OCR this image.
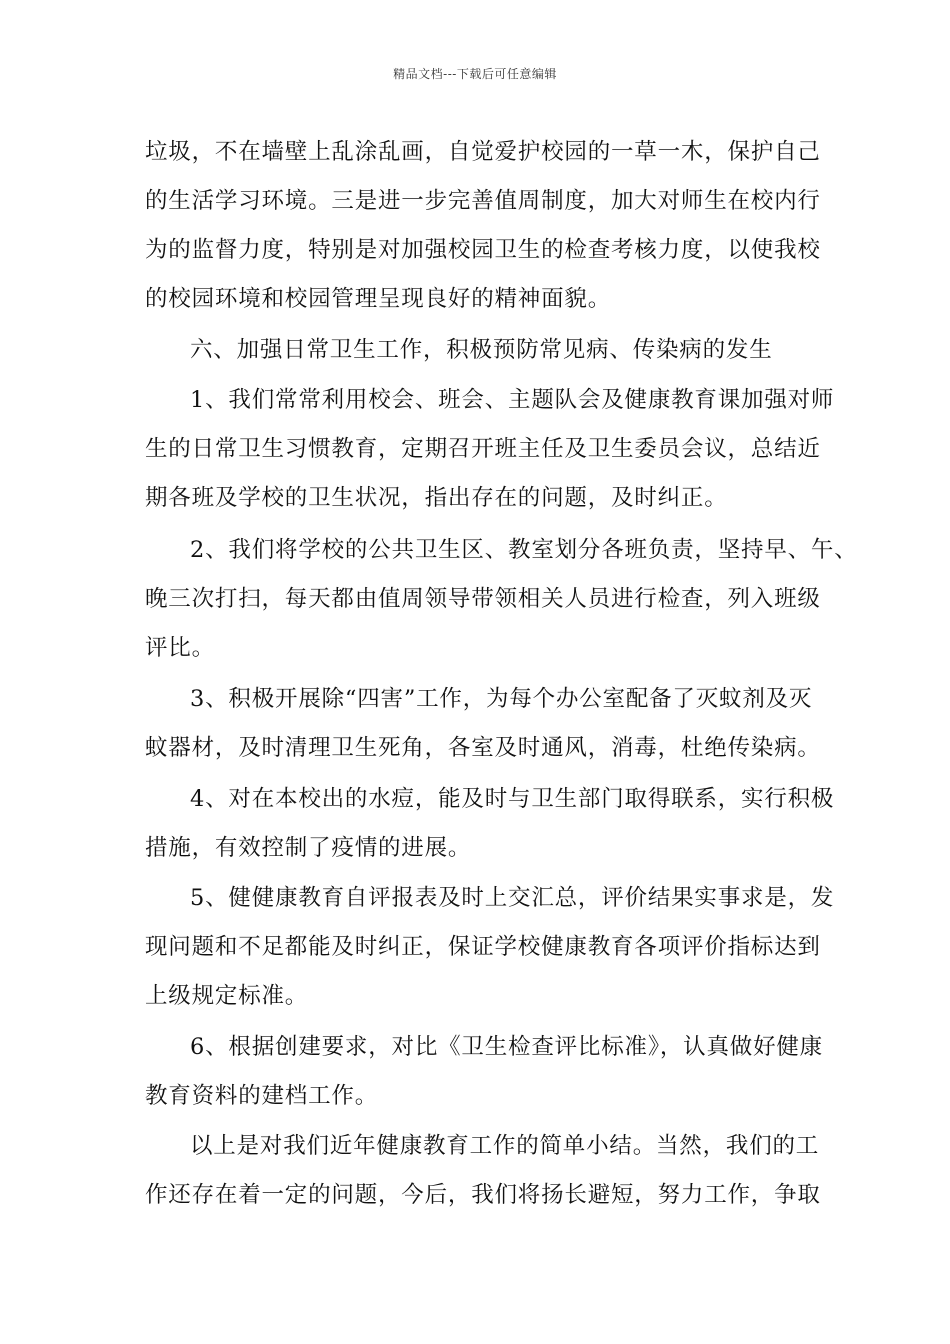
精品文档---下载后可任意编辑
垃圾，不在墙壁上乱涂乱画，自觉爱护校园的一草一木，保护自己
的生活学习环境。三是进一步完善值周制度，加大对师生在校内行
为的监督力度，特别是对加强校园卫生的检查考核力度，以使我校
的校园环境和校园管理呈现良好的精神面貌。
六、加强日常卫生工作，积极预防常见病、传染病的发生
1、我们常常利用校会、班会、主题队会及健康教育课加强对师
生的日常卫生习惯教育，定期召开班主任及卫生委员会议，总结近
期各班及学校的卫生状况，指出存在的问题，及时纠正。
2、我们将学校的公共卫生区、教室划分各班负责，坚持早、午、
晚三次打扫，每天都由值周领导带领相关人员进行检查，列入班级
评比。
3、积极开展除“四害”工作，为每个办公室配备了灭蚊剂及灭
蚊器材，及时清理卫生死角，各室及时通风，消毒，杜绝传染病。
4、对在本校出的水痘，能及时与卫生部门取得联系，实行积极
措施，有效控制了疫情的进展。
5、健健康教育自评报表及时上交汇总，评价结果实事求是，发
现问题和不足都能及时纠正，保证学校健康教育各项评价指标达到
上级规定标准。
6、根据创建要求，对比《卫生检查评比标准》，认真做好健康
教育资料的建档工作。
以上是对我们近年健康教育工作的简单小结。当然，我们的工
作还存在着一定的问题，今后，我们将扬长避短，努力工作，争取
